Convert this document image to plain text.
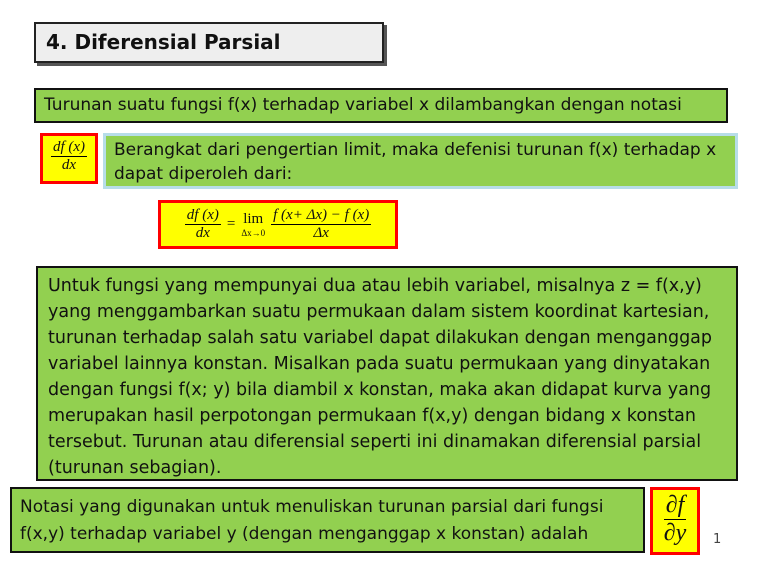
4. Diferensial Parsial
Turunan suatu fungsi f(x) terhadap variabel x dilambangkan dengan notasi
$\frac{df (x)}{dx}$	Berangkat dari pengertian limit, maka defenisi turunan f(x) terhadap x dapat diperoleh dari:
$\frac{df (x)}{dx} = \lim$
$\Delta x\to 0 \frac{f (x+ \Delta x) - f (x)}{\Delta x}$
Untuk fungsi yang mempunyai dua atau lebih variabel, misalnya z = f(x,y) yang menggambarkan suatu permukaan dalam sistem koordinat kartesian, turunan terhadap salah satu variabel dapat dilakukan dengan menganggap variabel lainnya konstan. Misalkan pada suatu permukaan yang dinyatakan dengan fungsi f(x; y) bila diambil x konstan, maka akan didapat kurva yang merupakan hasil perpotongan permukaan f(x,y) dengan bidang x konstan tersebut. Turunan atau diferensial seperti ini dinamakan diferensial parsial (turunan sebagian).
Notasi yang digunakan untuk menuliskan turunan parsial dari fungsi f(x,y) terhadap variabel y (dengan menganggap x konstan) adalah	$\frac{\partial f}{\partial y} 1$
